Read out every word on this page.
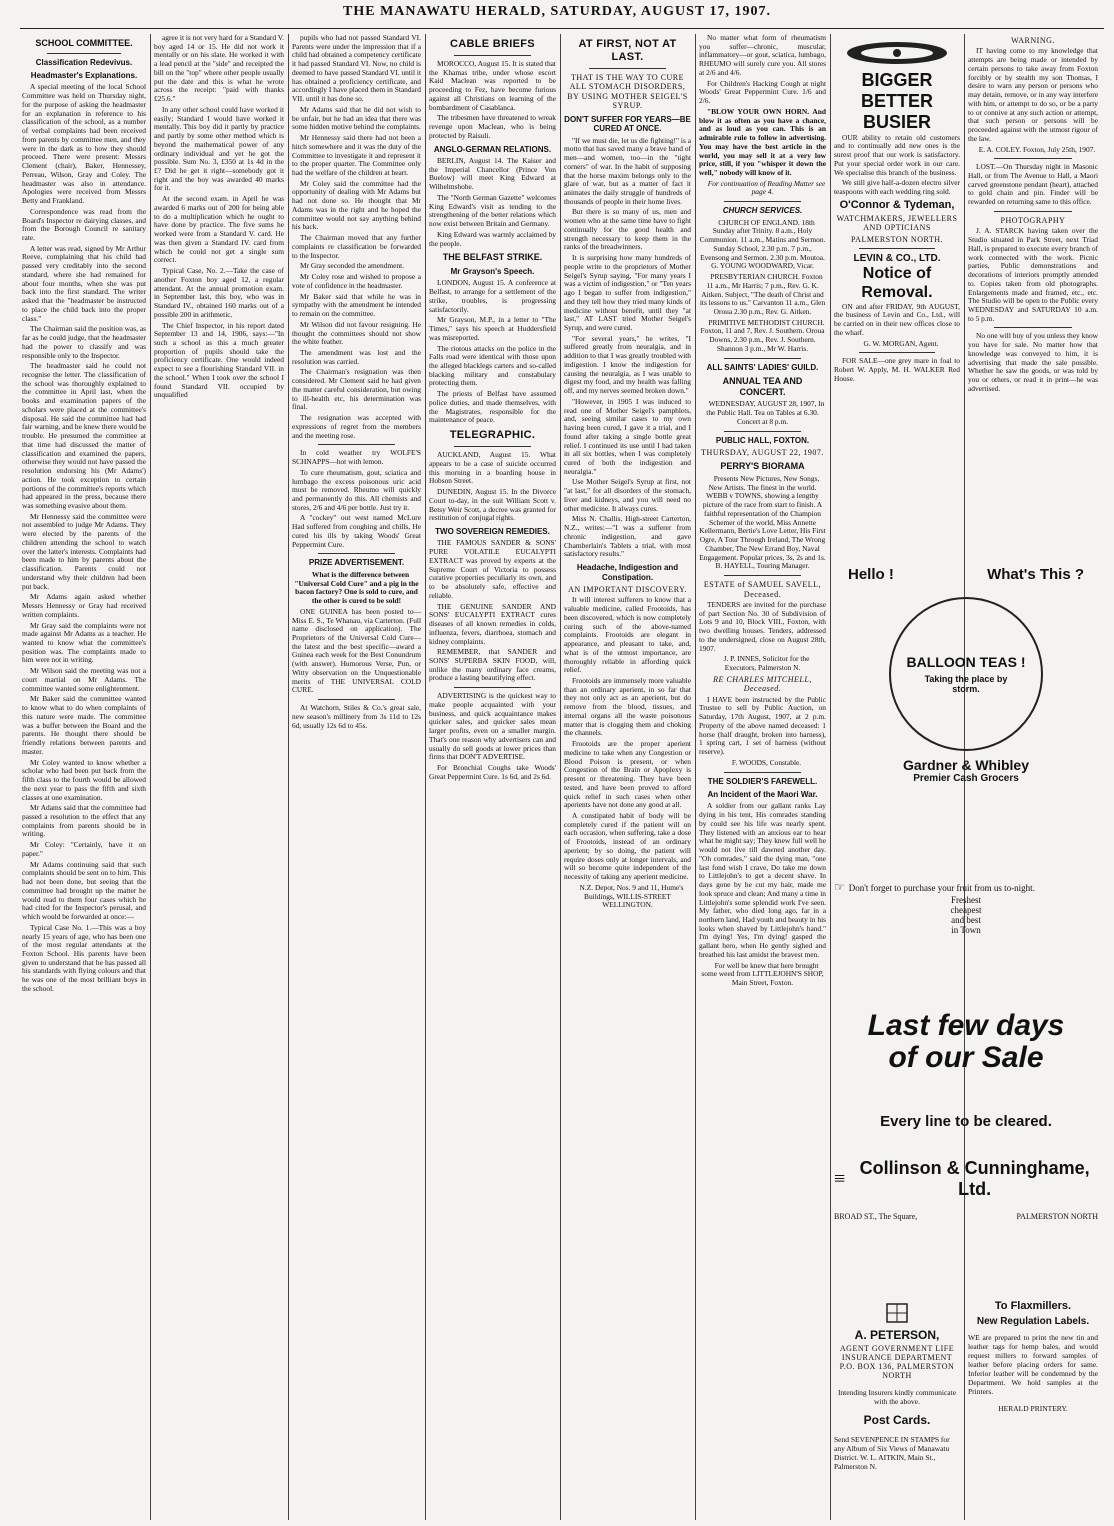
THE MANAWATU HERALD, SATURDAY, AUGUST 17, 1907.
SCHOOL COMMITTEE.
Classification Redevivus.
Headmaster's Explanations.

A special meeting of the local School Committee was held on Thursday night, for the purpose of asking the headmaster for an explanation in reference to his classification of the school, as a number of verbal complaints had been received from parents by committee men, and they were in the dark as to how they should proceed. There were present: Messrs Clement (chair), Baker, Hennessey, Perreau, Wilson, Gray and Coley. The headmaster was also in attendance. Apologies were received from Messrs Betty and Frankland.

Correspondence was read from the Board's Inspector re dairying classes, and from the Borough Council re sanitary rate.

A letter was read, signed by Mr Arthur Reeve, complaining that his child had passed very creditably into the second standard, where she had remained for about four months, when she was put back into the first standard. The writer asked that the "headmaster be instructed to place the child back into the proper class."

The Chairman said the position was, as far as he could judge, that the headmaster had the power to classify and was responsible only to the Inspector.

The headmaster said he could not recognise the letter. The classification of the school was thoroughly explained to the committee in April last, when the books and examination papers of the scholars were placed at the committee's disposal. He said the committee had had fair warning, and he knew there would be trouble. He presumed the committee at that time had discussed the matter of classification and examined the papers, otherwise they would not have passed the resolution endorsing his (Mr Adams') action. He took exception to certain portions of the committee's reports which had appeared in the press, because there was something evasive about them.

Mr Hennessy said the committee were not assembled to judge Mr Adams. They were elected by the parents of the children attending the school to watch over the latter's interests. Complaints had been made to him by parents about the classification. Parents could not understand why their children had been put back.

Mr Adams again asked whether Messrs Hennessy or Gray had received written complaints.

Mr Gray said the complaints were not made against Mr Adams as a teacher. He wanted to know what the committee's position was. The complaints made to him were not in writing.

Mr Wilson said the meeting was not a court martial on Mr Adams. The committee wanted some enlightenment.

Mr Baker said the committee wanted to know what to do when complaints of this nature were made. The committee was a buffer between the Board and the parents. He thought there should be friendly relations between parents and master.

Mr Coley wanted to know whether a scholar who had been put back from the fifth class to the fourth would be allowed the next year to pass the fifth and sixth classes at one examination.

Mr Adams said that the committee had passed a resolution to the effect that any complaints from parents should be in writing.

Mr Coley: "Certainly, have it on paper."

Mr Adams continuing said that such complaints should be sent on to him. This had not been done, but seeing that the committee had brought up the matter he would read to them four cases which he had cited for the Inspector's perusal, and which would be forwarded at once:—

Typical Case No. 1.—This was a boy nearly 15 years of age, who has been one of the most regular attendants at the Foxton School. His parents have been given to understand that he has passed all his standards with flying colours and that he was one of the most brilliant boys in the school.

agree it is not very hard for a Standard V. boy aged 14 or 15. He did not work it mentally or on his slate. He worked it with a lead pencil at the "side" and receipted the bill on the "top" where other people usually put the date and this is what he wrote across the receipt: "paid with thanks £25.6."

In any other school could have worked it easily; Standard I would have worked it mentally. This boy did it partly by practice and partly by some other method which is beyond the mathematical power of any ordinary individual and yet he got the possible. Sum No. 3, £350 at 1s 4d in the £? Did he get it right—somebody got it right and the boy was awarded 40 marks for it.

At the second exam. in April he was awarded 6 marks out of 200 for being able to do a multiplication which he ought to have done by practice. The five sums he worked were from a Standard V. card. He was then given a Standard IV. card from which he could not get a single sum correct.

Typical Case, No. 2.—Take the case of another Foxton boy aged 12, a regular attendant. At the annual promotion exam. in September last, this boy, who was in Standard IV., obtained 160 marks out of a possible 200 in arithmetic.

The Chief Inspector, in his report dated September 13 and 14, 1906, says:—"In such a school as this a much greater proportion of pupils should take the proficiency certificate. One would indeed expect to see a flourishing Standard VII. in the school." When I took over the school I found Standard VII. occupied by unqualified

pupils who had not passed Standard VI. Parents were under the impression that if a child had obtained a competency certificate it had passed Standard VI. Now, no child is deemed to have passed Standard VI. until it has obtained a proficiency certificate, and accordingly I have placed them in Standard VII. until it has done so.

Mr Adams said that he did not wish to be unfair, but he had an idea that there was some hidden motive behind the complaints.

Mr Hennessy said there had not been a hitch somewhere and it was the duty of the Committee to investigate it and represent it to the proper quarter. The Committee only had the welfare of the children at heart.

Mr Coley said the committee had the opportunity of dealing with Mr Adams but had not done so. He thought that Mr Adams was in the right and he hoped the committee would not say anything behind his back.

The Chairman moved that any further complaints re classification be forwarded to the Inspector.

Mr Gray seconded the amendment.

Mr Coley rose and wished to propose a vote of confidence in the headmaster.

Mr Baker said that while he was in sympathy with the amendment he intended to remain on the committee.

Mr Wilson did not favour resigning. He thought the committees should not show the white feather.

The amendment was lost and the resolution was carried.

The Chairman's resignation was then considered. Mr Clement said he had given the matter careful consideration, but owing to ill-health etc, his determination was final.

The resignation was accepted with expressions of regret from the members and the meeting rose.

In cold weather try WOLFE'S SCHNAPPS—hot with lemon.

To cure rheumatism, gout, sciatica and lumbago the excess poisonous uric acid must be removed. Rheumo will quickly and permanently do this. All chemists and stores, 2/6 and 4/6 per bottle. Just try it.

A "cockey" out west named McLure Had suffered from coughing and chills, He cured his ills by taking Woods' Great Peppermint Cure.

PRIZE ADVERTISEMENT.

What is the difference between "Universal Cold Cure" and a pig in the bacon factory? One is sold to cure, and the other is cured to be sold!

ONE GUINEA has been posted to—Miss E. S., Te Whanau, via Carterton. (Full name disclosed on application). The Proprietors of the Universal Cold Cure—the latest and the best specific—award a Guinea each week for the Best Conundrum (with answer). Humorous Verse, Pun, or Witty observation on the Unquestionable merits of THE UNIVERSAL COLD CURE.

At Watchorn, Stiles & Co.'s great sale, new season's millinery from 3s 11d to 12s 6d, usually 12s 6d to 45s.

CABLE BRIEFS

MOROCCO, August 15. It is stated that the Khamas tribe, under whose escort Kaid Maclean was reported to be proceeding to Fez, have become furious against all Christians on learning of the bombardment of Casablanca.

The tribesmen have threatened to wreak revenge upon Maclean, who is being protected by Raisuli.

ANGLO-GERMAN RELATIONS.

BERLIN, August 14. The Kaiser and the Imperial Chancellor (Prince Von Buelow) will meet King Edward at Wilhelmshohe.

The "North German Gazette" welcomes King Edward's visit as tending to the strengthening of the better relations which now exist between Britain and Germany.

King Edward was warmly acclaimed by the people.

THE BELFAST STRIKE.
Mr Grayson's Speech.

LONDON, August 15. A conference at Belfast, to arrange for a settlement of the strike, troubles, is progressing satisfactorily.

Mr Grayson, M.P., in a letter to "The Times," says his speech at Huddersfield was misreported.

The riotous attacks on the police in the Falls road were identical with those upon the alleged blacklegs carters and so-called blacking military and constabulary protecting them.

The priests of Belfast have assumed police duties, and made themselves, with the Magistrates, responsible for the maintenance of peace.

TELEGRAPHIC.

AUCKLAND, August 15. What appears to be a case of suicide occurred this morning in a boarding house in Hobson Street.

DUNEDIN, August 15. In the Divorce Court to-day, in the suit William Scott v. Betsy Weir Scott, a decree was granted for restitution of conjugal rights.

TWO SOVEREIGN REMEDIES.

THE FAMOUS SANDER & SONS' PURE VOLATILE EUCALYPTI EXTRACT was proved by experts at the Supreme Court of Victoria to possess curative properties peculiarly its own, and to be absolutely safe, effective and reliable.

THE GENUINE SANDER AND SONS' EUCALYPTI EXTRACT cures diseases of all known remedies in colds, influenza, fevers, diarrhoea, stomach and kidney complaints.

REMEMBER, that SANDER and SONS' SUPERBA SKIN FOOD, will, unlike the many ordinary face creams, produce a lasting beautifying effect.

ADVERTISING is the quickest way to make people acquainted with your business, and quick acquaintance makes quicker sales, and quicker sales mean larger profits, even on a smaller margin. That's one reason why advertisers can and usually do sell goods at lower prices than firms that DON'T ADVERTISE.

For Bronchial Coughs take Woods' Great Peppermint Cure. 1s 6d, and 2s 6d.

AT FIRST, NOT AT LAST.
THAT IS THE WAY TO CURE ALL STOMACH DISORDERS, BY USING MOTHER SEIGEL'S SYRUP.
DON'T SUFFER FOR YEARS—BE CURED AT ONCE.

"If we must die, let us die fighting!" is a motto that has saved many a brave band of men—and women, too—in the "tight corners" of war. In the habit of supposing that the horse maxim belongs only to the glare of war, but as a matter of fact it animates the daily struggle of hundreds of thousands of people in their home lives.

But there is so many of us, men and women who at the same time have to fight continually for the good health and strength necessary to keep them in the ranks of the breadwinners.

It is surprising how many hundreds of people write to the proprietors of Mother Seigel's Syrup saying, "For many years I was a victim of indigestion," or "Ten years ago I began to suffer from indigestion," and they tell how they tried many kinds of medicine without benefit, until they "at last," AT LAST tried Mother Seigel's Syrup, and were cured.

"For several years," he writes, "I suffered greatly from neuralgia, and in addition to that I was greatly troubled with indigestion. I know the indigestion for causing the neuralgia, as I was unable to digest my food, and my health was falling off, and my nerves seemed broken down."

"However, in 1905 I was induced to read one of Mother Seigel's pamphlets, and, seeing similar cases to my own having been cured, I gave it a trial, and I found after taking a single bottle great relief. I continued its use until I had taken in all six bottles, when I was completely cured of both the indigestion and neuralgia."

Use Mother Seigel's Syrup at first, not "at last," for all disorders of the stomach, liver and kidneys, and you will need no other medicine. It always cures.

Miss N. Challis, High-street Carterton, N.Z., writes:—"I was a sufferer from chronic indigestion, and gave Chamberlain's Tablets a trial, with most satisfactory results."

Headache, Indigestion and Constipation.
AN IMPORTANT DISCOVERY.

It will interest sufferers to know that a valuable medicine, called Frootoids, has been discovered, which is now completely curing such of the above-named complaints. Frootoids are elegant in appearance, and pleasant to take, and, what is of the utmost importance, are thoroughly reliable in affording quick relief.

Frootoids are immensely more valuable than an ordinary aperient, in so far that they not only act as an aperient, but do remove from the blood, tissues, and internal organs all the waste poisonous matter that is clogging them and choking the channels.

Frootoids are the proper aperient medicine to take when any Congestion or Blood Poison is present, or when Congestion of the Brain or Apoplexy is present or threatening. They have been tested, and have been proved to afford quick relief in such cases when other aperients have not done any good at all.

A constipated habit of body will be completely cured if the patient will on each occasion, when suffering, take a dose of Frootoids, instead of an ordinary aperient; by so doing, the patient will require doses only at longer intervals, and will so become quite independent of the necessity of taking any aperient medicine.

N.Z. Depot, Nos. 9 and 11, Hume's Buildings, WILLIS-STREET WELLINGTON.

No matter what form of rheumatism you suffer—chronic, muscular, inflammatory—or gout, sciatica, lumbago, RHEUMO will surely cure you. All stores at 2/6 and 4/6.

For Children's Hacking Cough at night Woods' Great Peppermint Cure. 1/6 and 2/6.

"BLOW YOUR OWN HORN. And blow it as often as you have a chance, and as loud as you can. This is an admirable rule to follow in advertising. You may have the best article in the world, you may sell it at a very low price, still, if you "whisper it down the well," nobody will know of it.

For continuation of Reading Matter see page 4.

CHURCH SERVICES.

CHURCH OF ENGLAND. 18th Sunday after Trinity. 8 a.m., Holy Communion. 11 a.m., Matins and Sermon. Sunday School, 2.30 p.m. 7 p.m., Evensong and Sermon. 2.30 p.m. Moutoa. G. YOUNG WOODWARD, Vicar.

PRESBYTERIAN CHURCH. Foxton 11 a.m., Mr Harris; 7 p.m., Rev. G. K. Aitken. Subject, "The death of Christ and its lessons to us." Carvanton 11 a.m., Glen Oroua 2.30 p.m., Rev. G. Aitken.

PRIMITIVE METHODIST CHURCH. Foxton, 11 and 7, Rev. J. Southern. Oroua Downs, 2.30 p.m., Rev. J. Southern. Shannon 3 p.m., Mr W. Harris.

ALL SAINTS' LADIES' GUILD.
ANNUAL TEA AND CONCERT.

WEDNESDAY, AUGUST 28, 1907, In the Public Hall. Tea on Tables at 6.30. Concert at 8 p.m.

PUBLIC HALL, FOXTON.
THURSDAY, AUGUST 22, 1907.
PERRY'S BIORAMA

Presents New Pictures, New Songs, New Artists. The finest in the world. WEBB v TOWNS, showing a lengthy picture of the race from start to finish. A faithful representation of the Champion Schemer of the world, Miss Annette Kellermann, Bertie's Love Letter, His First Ogre, A Tour Through Ireland, The Wrong Chamber, The New Errand Boy, Naval Engagement. Popular prices, 3s, 2s and 1s. B. HAYELL, Touring Manager.

ESTATE of SAMUEL SAVELL, Deceased.

TENDERS are invited for the purchase of part Section No. 30 of Subdivision of Lots 9 and 10, Block VIII., Foxton, with two dwelling houses. Tenders, addressed to the undersigned, close on August 28th, 1907.

J. P. INNES, Solicitor for the Executors, Palmerston N.

RE CHARLES MITCHELL, Deceased.

I HAVE been instructed by the Public Trustee to sell by Public Auction, on Saturday, 17th August, 1907, at 2 p.m. Property of the above named deceased: 1 horse (half draught, broken into harness), 1 spring cart, 1 set of harness (without reserve).

F. WOODS, Constable.

THE SOLDIER'S FAREWELL.
An Incident of the Maori War.

A soldier from our gallant ranks Lay dying in his tent, His comrades standing by could see his life was nearly spent. They listened with an anxious ear to hear what he might say; They knew full well he would not live till dawned another day. "Oh comrades," said the dying man, "one last fond wish I crave, Do take me down to Littlejohn's to get a decent shave. In days gone by he cut my hair, made me look spruce and clean; And many a time in Littlejohn's some splendid work I've seen. My father, who died long ago, far in a northern land, Had youth and beauty in his looks when shaved by Littlejohn's hand." I'm dying! Yes, I'm dying! gasped the gallant hero, when He gently sighed and breathed his last amidst the bravest men.

For well be knew that here brought some weed from LITTLEJOHN'S SHOP, Main Street, Foxton.

BIGGER
BETTER
BUSIER

OUR ability to retain old customers and to continually add new ones is the surest proof that our work is satisfactory. Put your special order work in our care. We specialise this branch of the business.

We still give half-a-dozen electro silver teaspoons with each wedding ring sold.

O'Connor & Tydeman,
WATCHMAKERS, JEWELLERS AND OPTICIANS
PALMERSTON NORTH.
LEVIN & CO., LTD.
Notice of Removal.

ON and after FRIDAY, 9th AUGUST, the business of Levin and Co., Ltd., will be carried on in their new offices close to the wharf.

G. W. MORGAN, Agent.

FOR SALE—one grey mare in foal to Robert W. Apply, M. H. WALKER Red House.

WARNING.

IT having come to my knowledge that attempts are being made or intended by certain persons to take away from Foxton forcibly or by stealth my son Thomas, I desire to warn any person or persons who may detain, remove, or in any way interfere with him, or attempt to do so, or be a party to or connive at any such action or attempt, that such person or persons will be proceeded against with the utmost rigour of the law.

E. A. COLEY. Foxton, July 25th, 1907.

LOST.—On Thursday night in Masonic Hall, or from The Avenue to Hall, a Maori carved greenstone pendant (heart), attached to gold chain and pin. Finder will be rewarded on returning same to this office.

PHOTOGRAPHY

J. A. STARCK having taken over the Studio situated in Park Street, next Triad Hall, is prepared to execute every branch of work connected with the work. Picnic parties, Public demonstrations and decorations of interiors promptly attended to. Copies taken from old photographs. Enlargements made and framed, etc., etc. The Studio will be open to the Public every WEDNESDAY and SATURDAY 10 a.m. to 5 p.m.

No one will buy of you unless they know you have for sale. No matter how that knowledge was conveyed to him, it is advertising that made the sale possible. Whether he saw the goods, or was told by you or others, or read it in print—he was advertised.

Hello !	What's This ?
BALLOON TEAS !
Taking the place by storm.
Gardner & Whibley
Premier Cash Grocers
☞ Don't forget to purchase your fruit from us to-night.
Freshest
cheapest
and best
in Town
Last few days of our Sale
Every line to be cleared.
≡ Collinson & Cunninghame, Ltd.
BROAD ST., The Square,	PALMERSTON NORTH
A. PETERSON,
AGENT GOVERNMENT LIFE INSURANCE DEPARTMENT P.O. BOX 136, PALMERSTON NORTH

Intending Insurers kindly communicate with the above.

Post Cards.

Send SEVENPENCE IN STAMPS for any Album of Six Views of Manawatu District. W. L. AITKIN, Main St., Palmerston N.

To Flaxmillers.
New Regulation Labels.

WE are prepared to print the new tin and leather tags for hemp bales, and would request millers to forward samples of leather before placing orders for same. Inferior leather will be condemned by the Department. We hold samples at the Printers.

HERALD PRINTERY.
